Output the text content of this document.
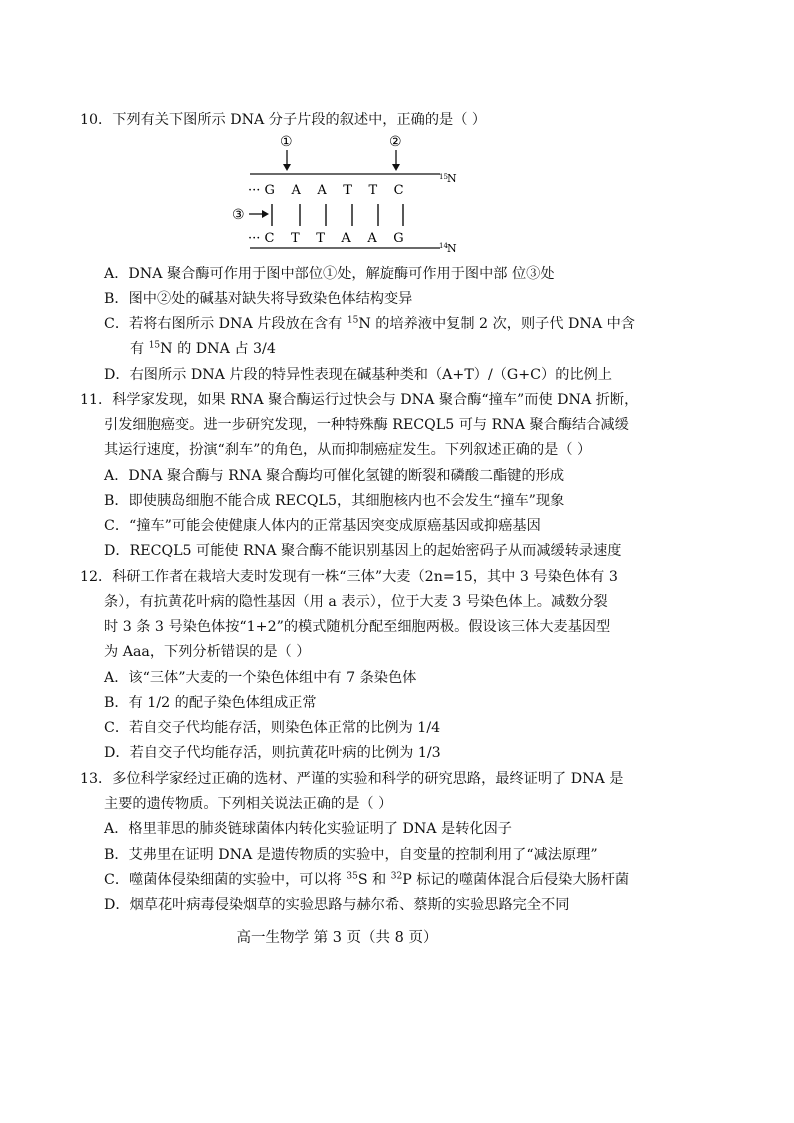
10．下列有关下图所示 DNA 分子片段的叙述中，正确的是（ ）
①	②
15 N
··· G    A    A    T    T    C
③
··· C    T    T    A    A    G	14 N
A．DNA 聚合酶可作用于图中部位①处，解旋酶可作用于图中部 位③处
B．图中②处的碱基对缺失将导致染色体结构变异
C．若将右图所示 DNA 片段放在含有 $^{15}$N 的培养液中复制 2 次，则子代 DNA 中含
有 $^{15}$N 的 DNA 占 3/4
D．右图所示 DNA 片段的特异性表现在碱基种类和（A+T）/（G+C）的比例上
11．科学家发现，如果 RNA 聚合酶运行过快会与 DNA 聚合酶“撞车”而使 DNA 折断，
引发细胞癌变。进一步研究发现，一种特殊酶 RECQL5 可与 RNA 聚合酶结合减缓
其运行速度，扮演“刹车”的角色，从而抑制癌症发生。下列叙述正确的是（ ）
A．DNA 聚合酶与 RNA 聚合酶均可催化氢键的断裂和磷酸二酯键的形成
B．即使胰岛细胞不能合成 RECQL5，其细胞核内也不会发生“撞车”现象
C．“撞车”可能会使健康人体内的正常基因突变成原癌基因或抑癌基因
D．RECQL5 可能使 RNA 聚合酶不能识别基因上的起始密码子从而减缓转录速度
12．科研工作者在栽培大麦时发现有一株“三体”大麦（2n=15，其中 3 号染色体有 3
条），有抗黄花叶病的隐性基因（用 a 表示），位于大麦 3 号染色体上。减数分裂
时 3 条 3 号染色体按“1+2”的模式随机分配至细胞两极。假设该三体大麦基因型
为 Aaa，下列分析错误的是（ ）
A．该“三体”大麦的一个染色体组中有 7 条染色体
B．有 1/2 的配子染色体组成正常
C．若自交子代均能存活，则染色体正常的比例为 1/4
D．若自交子代均能存活，则抗黄花叶病的比例为 1/3
13．多位科学家经过正确的选材、严谨的实验和科学的研究思路，最终证明了 DNA 是
主要的遗传物质。下列相关说法正确的是（ ）
A．格里菲思的肺炎链球菌体内转化实验证明了 DNA 是转化因子
B．艾弗里在证明 DNA 是遗传物质的实验中，自变量的控制利用了“减法原理”
C．噬菌体侵染细菌的实验中，可以将 $^{35}$S 和 $^{32}$P 标记的噬菌体混合后侵染大肠杆菌
D．烟草花叶病毒侵染烟草的实验思路与赫尔希、蔡斯的实验思路完全不同
高一生物学 第 3 页（共 8 页）
